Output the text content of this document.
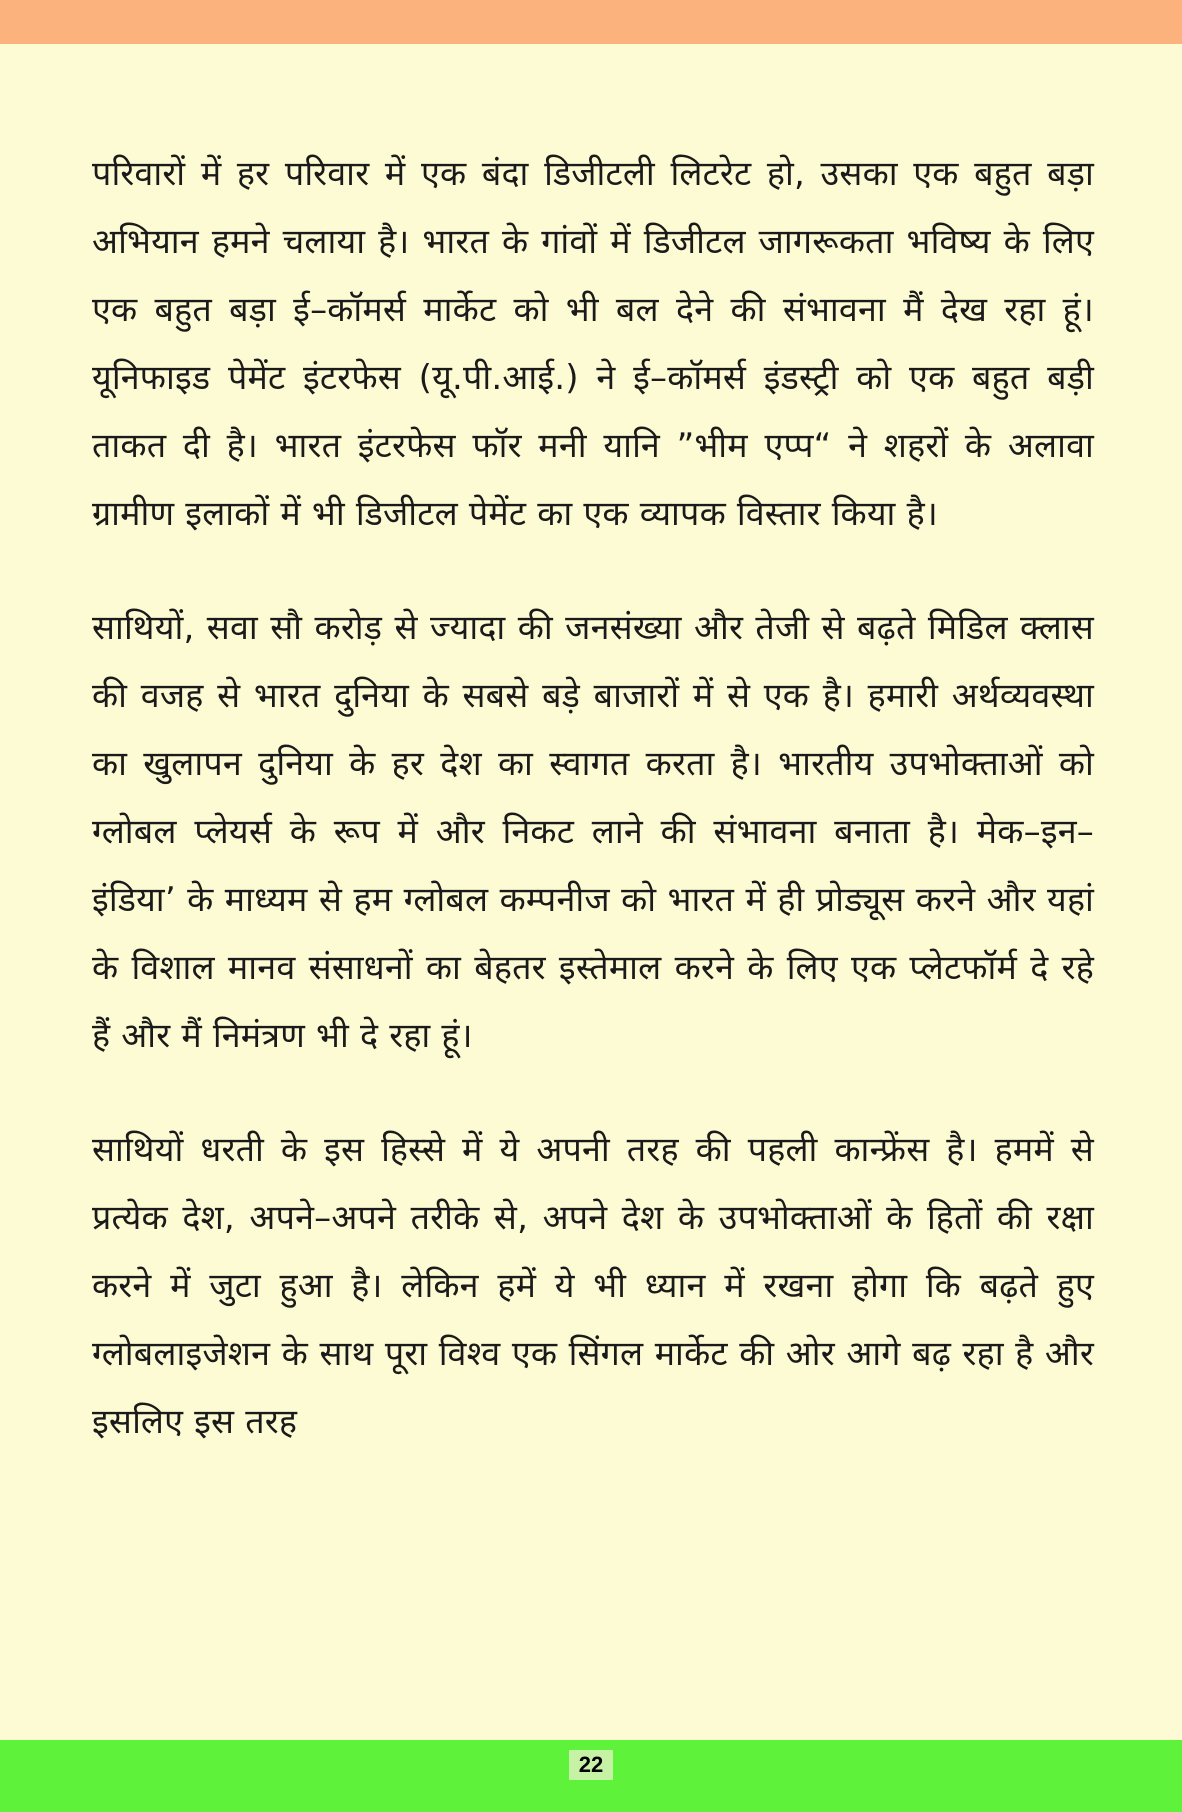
परिवारों में हर परिवार में एक बंदा डिजीटली लिटरेट हो, उसका एक बहुत बड़ा अभियान हमने चलाया है। भारत के गांवों में डिजीटल जागरूकता भविष्य के लिए एक बहुत बड़ा ई–कॉमर्स मार्केट को भी बल देने की संभावना मैं देख रहा हूं। यूनिफाइड पेमेंट इंटरफेस (यू.पी.आई.) ने ई–कॉमर्स इंडस्ट्री को एक बहुत बड़ी ताकत दी है। भारत इंटरफेस फॉर मनी यानि ”भीम एप्प“ ने शहरों के अलावा ग्रामीण इलाकों में भी डिजीटल पेमेंट का एक व्यापक विस्तार किया है।

साथियों, सवा सौ करोड़ से ज्यादा की जनसंख्या और तेजी से बढ़ते मिडिल क्लास की वजह से भारत दुनिया के सबसे बड़े बाजारों में से एक है। हमारी अर्थव्यवस्था का खुलापन दुनिया के हर देश का स्वागत करता है। भारतीय उपभोक्ताओं को ग्लोबल प्लेयर्स के रूप में और निकट लाने की संभावना बनाता है। मेक–इन–इंडिया’ के माध्यम से हम ग्लोबल कम्पनीज को भारत में ही प्रोड्यूस करने और यहां के विशाल मानव संसाधनों का बेहतर इस्तेमाल करने के लिए एक प्लेटफॉर्म दे रहे हैं और मैं निमंत्रण भी दे रहा हूं।

साथियों धरती के इस हिस्से में ये अपनी तरह की पहली कान्फ्रेंस है। हममें से प्रत्येक देश, अपने–अपने तरीके से, अपने देश के उपभोक्ताओं के हितों की रक्षा करने में जुटा हुआ है। लेकिन हमें ये भी ध्यान में रखना होगा कि बढ़ते हुए ग्लोबलाइजेशन के साथ पूरा विश्व एक सिंगल मार्केट की ओर आगे बढ़ रहा है और इसलिए इस तरह

22
